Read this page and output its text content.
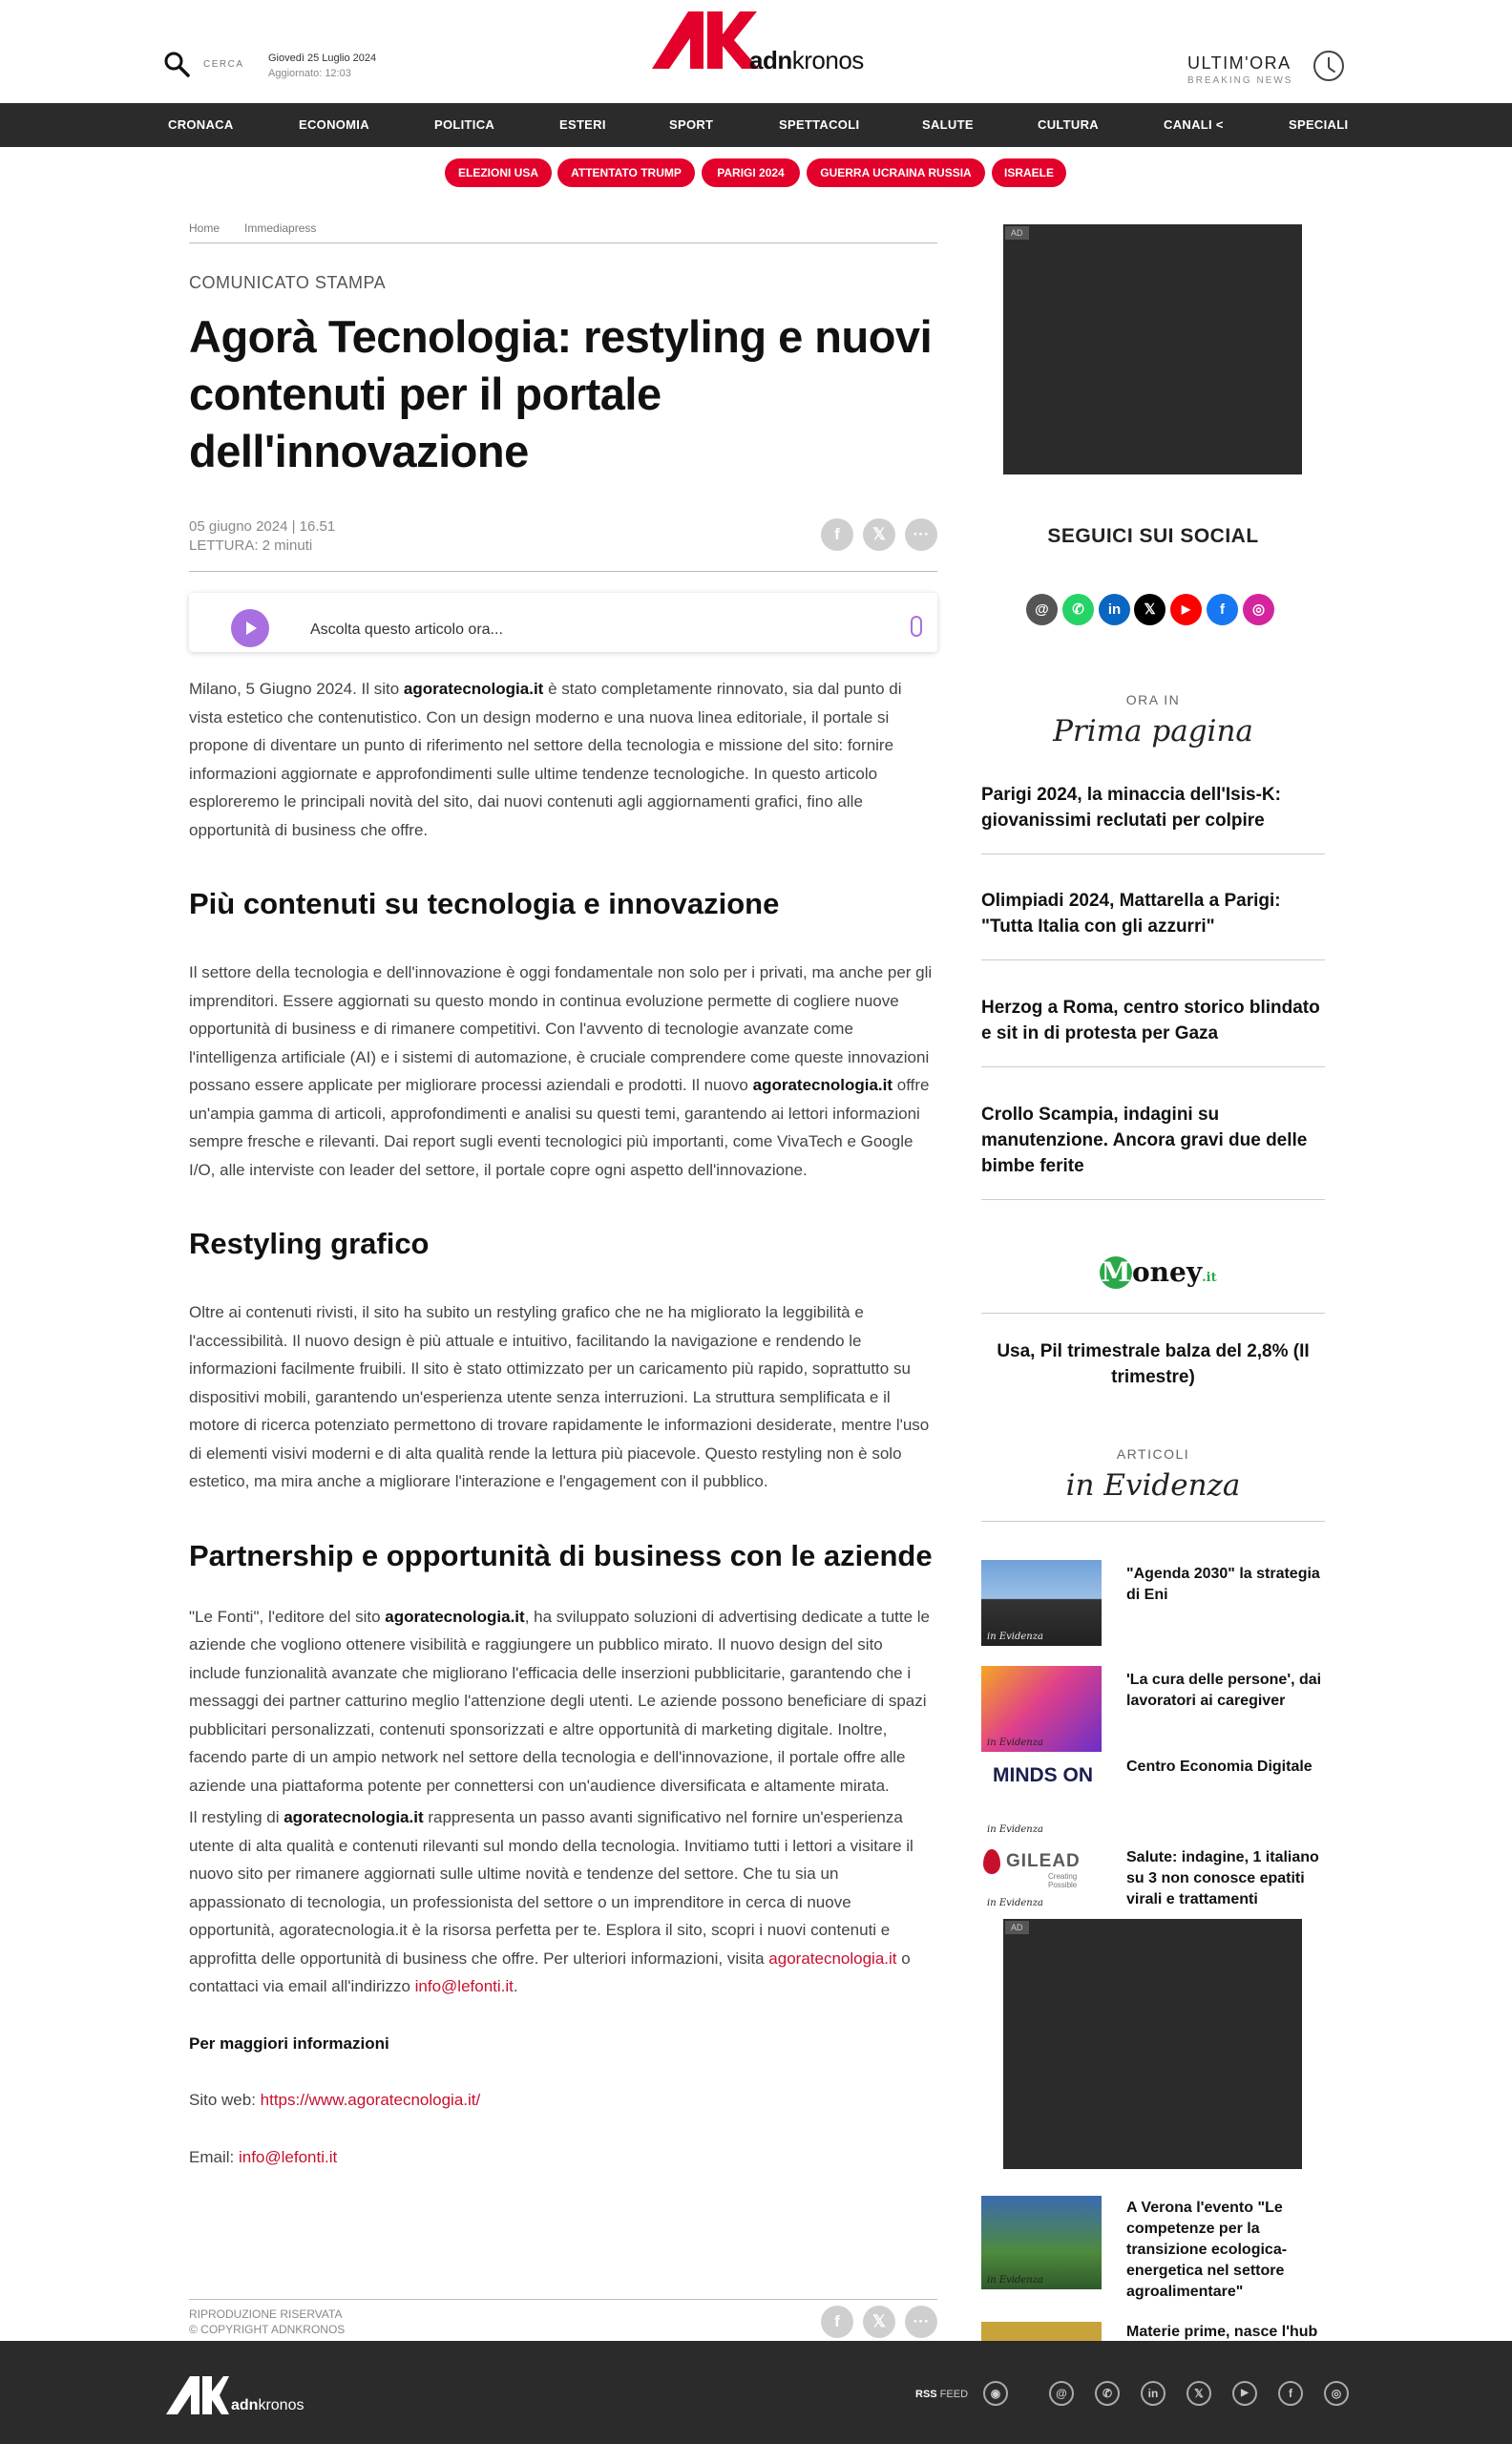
CERCA
Giovedì 25 Luglio 2024
Aggiornato: 12:03	adnkronos	ULTIM'ORA
BREAKING NEWS
CRONACA	ECONOMIA	POLITICA	ESTERI	SPORT	SPETTACOLI	SALUTE	CULTURA	CANALI <	SPECIALI
ELEZIONI USA	ATTENTATO TRUMP	PARIGI 2024	GUERRA UCRAINA RUSSIA	ISRAELE
Home Immediapress
COMUNICATO STAMPA
Agorà Tecnologia: restyling e nuovi contenuti per il portale dell'innovazione
05 giugno 2024 | 16.51
LETTURA: 2 minuti
f	𝕏	···
Ascolta questo articolo ora...

Milano, 5 Giugno 2024. Il sito agoratecnologia.it è stato completamente rinnovato, sia dal punto di vista estetico che contenutistico. Con un design moderno e una nuova linea editoriale, il portale si propone di diventare un punto di riferimento nel settore della tecnologia e missione del sito: fornire informazioni aggiornate e approfondimenti sulle ultime tendenze tecnologiche. In questo articolo esploreremo le principali novità del sito, dai nuovi contenuti agli aggiornamenti grafici, fino alle opportunità di business che offre.

Più contenuti su tecnologia e innovazione

Il settore della tecnologia e dell'innovazione è oggi fondamentale non solo per i privati, ma anche per gli imprenditori. Essere aggiornati su questo mondo in continua evoluzione permette di cogliere nuove opportunità di business e di rimanere competitivi. Con l'avvento di tecnologie avanzate come l'intelligenza artificiale (AI) e i sistemi di automazione, è cruciale comprendere come queste innovazioni possano essere applicate per migliorare processi aziendali e prodotti. Il nuovo agoratecnologia.it offre un'ampia gamma di articoli, approfondimenti e analisi su questi temi, garantendo ai lettori informazioni sempre fresche e rilevanti. Dai report sugli eventi tecnologici più importanti, come VivaTech e Google I/O, alle interviste con leader del settore, il portale copre ogni aspetto dell'innovazione.

Restyling grafico

Oltre ai contenuti rivisti, il sito ha subito un restyling grafico che ne ha migliorato la leggibilità e l'accessibilità. Il nuovo design è più attuale e intuitivo, facilitando la navigazione e rendendo le informazioni facilmente fruibili. Il sito è stato ottimizzato per un caricamento più rapido, soprattutto su dispositivi mobili, garantendo un'esperienza utente senza interruzioni. La struttura semplificata e il motore di ricerca potenziato permettono di trovare rapidamente le informazioni desiderate, mentre l'uso di elementi visivi moderni e di alta qualità rende la lettura più piacevole. Questo restyling non è solo estetico, ma mira anche a migliorare l'interazione e l'engagement con il pubblico.

Partnership e opportunità di business con le aziende

"Le Fonti", l'editore del sito agoratecnologia.it, ha sviluppato soluzioni di advertising dedicate a tutte le aziende che vogliono ottenere visibilità e raggiungere un pubblico mirato. Il nuovo design del sito include funzionalità avanzate che migliorano l'efficacia delle inserzioni pubblicitarie, garantendo che i messaggi dei partner catturino meglio l'attenzione degli utenti. Le aziende possono beneficiare di spazi pubblicitari personalizzati, contenuti sponsorizzati e altre opportunità di marketing digitale. Inoltre, facendo parte di un ampio network nel settore della tecnologia e dell'innovazione, il portale offre alle aziende una piattaforma potente per connettersi con un'audience diversificata e altamente mirata.

Il restyling di agoratecnologia.it rappresenta un passo avanti significativo nel fornire un'esperienza utente di alta qualità e contenuti rilevanti sul mondo della tecnologia. Invitiamo tutti i lettori a visitare il nuovo sito per rimanere aggiornati sulle ultime novità e tendenze del settore. Che tu sia un appassionato di tecnologia, un professionista del settore o un imprenditore in cerca di nuove opportunità, agoratecnologia.it è la risorsa perfetta per te. Esplora il sito, scopri i nuovi contenuti e approfitta delle opportunità di business che offre. Per ulteriori informazioni, visita agoratecnologia.it o contattaci via email all'indirizzo info@lefonti.it.

Per maggiori informazioni

Sito web: https://www.agoratecnologia.it/

Email: info@lefonti.it

RIPRODUZIONE RISERVATA
© COPYRIGHT ADNKRONOS	f	𝕏	···
AD
SEGUICI SUI SOCIAL
@	✆	in	𝕏	▶	f	◎
ORA IN
Prima pagina
Parigi 2024, la minaccia dell'Isis-K: giovanissimi reclutati per colpire
Olimpiadi 2024, Mattarella a Parigi: "Tutta Italia con gli azzurri"
Herzog a Roma, centro storico blindato e sit in di protesta per Gaza
Crollo Scampia, indagini su manutenzione. Ancora gravi due delle bimbe ferite
Money.it
Usa, Pil trimestrale balza del 2,8% (II trimestre)
ARTICOLI
in Evidenza
in Evidenza
"Agenda 2030" la strategia di Eni
in Evidenza
'La cura delle persone', dai lavoratori ai caregiver
MINDS ON
in Evidenza
Centro Economia Digitale
GILEAD
Creating Possible
in Evidenza
Salute: indagine, 1 italiano su 3 non conosce epatiti virali e trattamenti
AD
in Evidenza
A Verona l'evento "Le competenze per la transizione ecologica-energetica nel settore agroalimentare"
Materie prime, nasce l'hub
adnkronos
RSS FEED	◉	@	✆	in	𝕏	▶	f	◎
